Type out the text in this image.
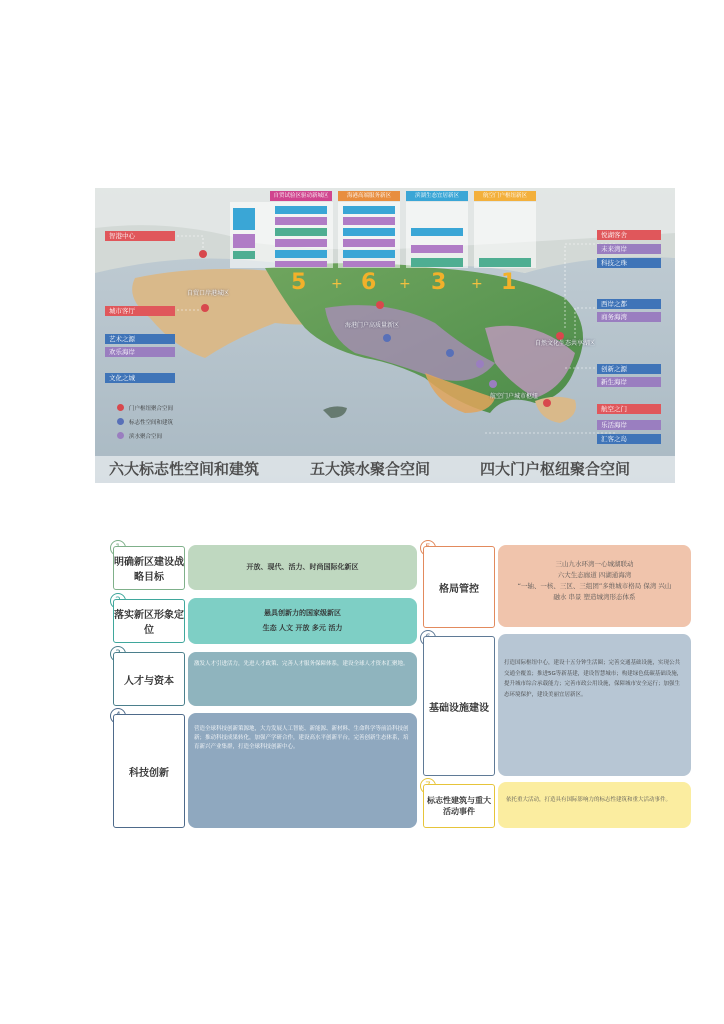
自贸试验区驱动新城区	海港高端服务新区	滨湖生态宜居新区	航空门户枢纽新区
5 + 6 + 3 + 1
智港中心
城市客厅
艺术之源
欢乐海岸
文化之城
悦湖客舍
未来湾岸
科技之珠
西岸之都
商务海湾
创新之源
新生海岸
航空之门
乐活海岸
汇客之岛
自贸口岸港城区
海港门户高质量新区
自然文化生态共享湖区
航空门户城市枢纽
门户枢纽聚合空间
标志性空间和建筑
滨水聚合空间
六大标志性空间和建筑	五大滨水聚合空间	四大门户枢纽聚合空间
明确新区建设战略目标
开放、现代、活力、时尚国际化新区
落实新区形象定位
悬具创新力的国家级新区
生态 人文 开放 多元 活力
人才与资本
激发人才引进活力，先进人才政策、完善人才服务保障体系，建设全球人才资本汇聚地。
科技创新
营造全球科技创新策源地，大力发展人工智能、新能源、新材料、生命科学等前沿科技创新；推动科技成果转化，加强产学研合作，建设高水平创新平台，完善创新生态体系，培育新兴产业集群，打造全球科技创新中心。
格局管控
三山九水环湾一心城湖联动
六大生态廊道 四湖通海湾
“一轴、一核、三区、三组团”多维城市格局 保湾 兴山
融水 串景 塑造城湾形态体系
基础设施建设
打造国际枢纽中心，建设十五分钟生活圈；完善交通基础设施，实现公共交通全覆盖；推进5G等新基建，建设智慧城市；构建绿色低碳基础设施，提升城市综合承载能力；完善市政公用设施，保障城市安全运行；加强生态环境保护，建设美丽宜居新区。
标志性建筑与重大活动事件
依托重大活动，打造具有国际影响力的标志性建筑和重大活动事件。
